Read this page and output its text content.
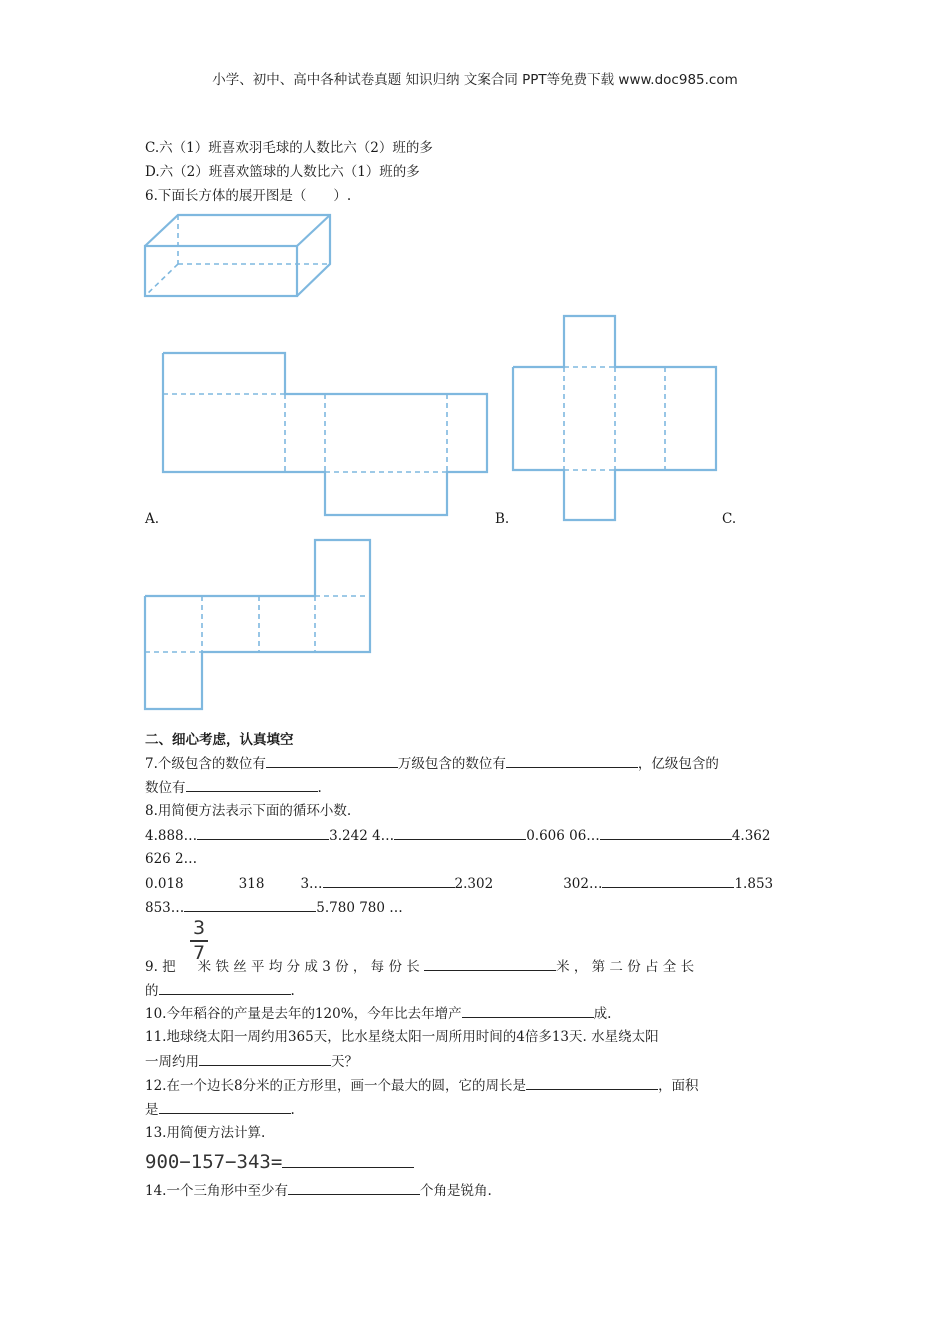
小学、初中、高中各种试卷真题 知识归纳 文案合同 PPT等免费下载 www.doc985.com
C.六（1）班喜欢羽毛球的人数比六（2）班的多
D.六（2）班喜欢篮球的人数比六（1）班的多
6.下面长方体的展开图是（　　）.
A.	B.	C.
二、细心考虑，认真填空
7.个级包含的数位有	万级包含的数位有	，亿级包含的
数位有	.
8.用简便方法表示下面的循环小数.
4.888…	3.242 4…	0.606 06…	4.362
626 2…
0.018	318	3…	2.302	302…	1.853
853…	5.780 780 …
3
7
9. 把 米 铁 丝 平 均 分 成 3 份 ， 每 份 长	米 ， 第 二 份 占 全 长
的	.
10.今年稻谷的产量是去年的120%，今年比去年增产	成.
11.地球绕太阳一周约用365天，比水星绕太阳一周所用时间的4倍多13天. 水星绕太阳
一周约用	天？
12.在一个边长8分米的正方形里，画一个最大的圆，它的周长是	，面积
是	.
13.用简便方法计算.
900−157−343=
14.一个三角形中至少有	个角是锐角.
